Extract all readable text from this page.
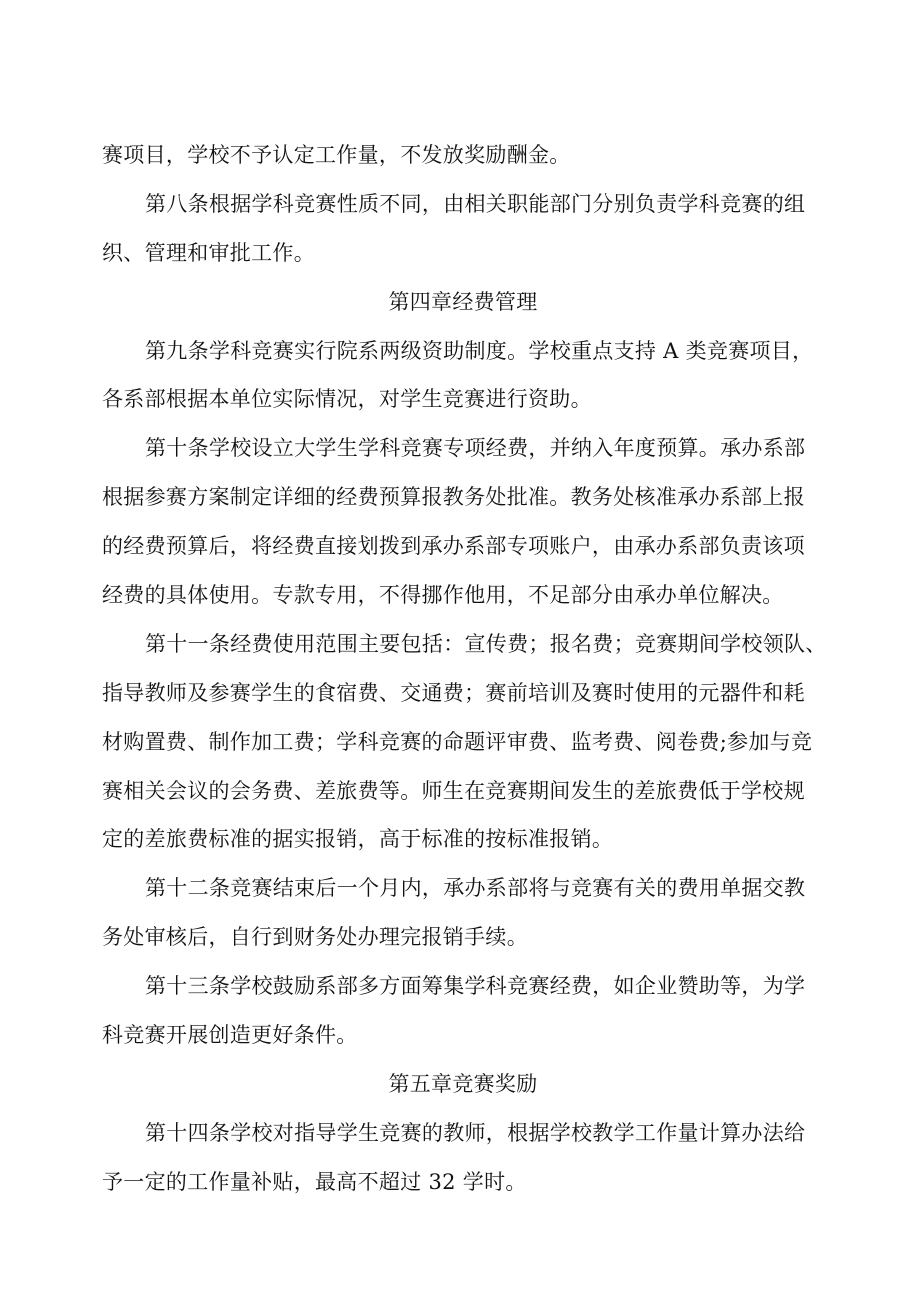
赛项目，学校不予认定工作量，不发放奖励酬金。
第八条根据学科竞赛性质不同，由相关职能部门分别负责学科竞赛的组
织、管理和审批工作。
第四章经费管理
第九条学科竞赛实行院系两级资助制度。学校重点支持 A 类竞赛项目，
各系部根据本单位实际情况，对学生竞赛进行资助。
第十条学校设立大学生学科竞赛专项经费，并纳入年度预算。承办系部
根据参赛方案制定详细的经费预算报教务处批准。教务处核准承办系部上报
的经费预算后，将经费直接划拨到承办系部专项账户，由承办系部负责该项
经费的具体使用。专款专用，不得挪作他用，不足部分由承办单位解决。
第十一条经费使用范围主要包括：宣传费；报名费；竞赛期间学校领队、
指导教师及参赛学生的食宿费、交通费；赛前培训及赛时使用的元器件和耗
材购置费、制作加工费；学科竞赛的命题评审费、监考费、阅卷费;参加与竞
赛相关会议的会务费、差旅费等。师生在竞赛期间发生的差旅费低于学校规
定的差旅费标准的据实报销，高于标准的按标准报销。
第十二条竞赛结束后一个月内，承办系部将与竞赛有关的费用单据交教
务处审核后，自行到财务处办理完报销手续。
第十三条学校鼓励系部多方面筹集学科竞赛经费，如企业赞助等，为学
科竞赛开展创造更好条件。
第五章竞赛奖励
第十四条学校对指导学生竞赛的教师，根据学校教学工作量计算办法给
予一定的工作量补贴，最高不超过 32 学时。
